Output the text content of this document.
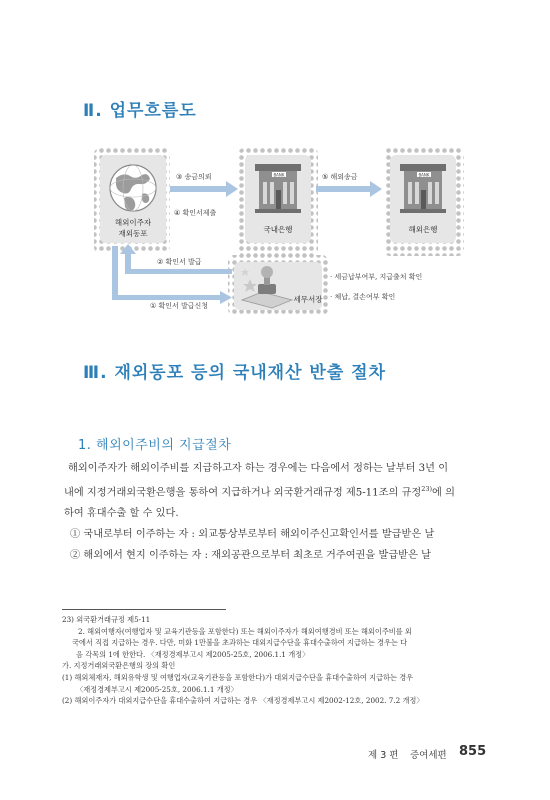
Ⅱ. 업무흐름도
BANK	BANK
③ 송금의뢰
④ 확인서제출
⑤ 해외송금
② 확인서 발급
① 확인서 발급신청
· 세금납부여부, 지급출처 확인
· 체납, 결손여부 확인
해외이주자
재외동포	국내은행	해외은행
세무서장
Ⅲ. 재외동포 등의 국내재산 반출 절차
1. 해외이주비의 지급절차
해외이주자가 해외이주비를 지급하고자 하는 경우에는 다음에서 정하는 날부터 3년 이
내에 지정거래외국환은행을 통하여 지급하거나 외국환거래규정 제5-11조의 규정$^{23)}$에 의
하여 휴대수출 할 수 있다.
① 국내로부터 이주하는 자 : 외교통상부로부터 해외이주신고확인서를 발급받은 날
② 해외에서 현지 이주하는 자 : 재외공관으로부터 최초로 거주여권을 발급받은 날
23) 외국환거래규정 제5-11
2. 해외여행자(여행업자 및 교육기관등을 포함한다) 또는 해외이주자가 해외여행경비 또는 해외이주비를 외
국에서 직접 지급하는 경우. 다만, 미화 1만불을 초과하는 대외지급수단을 휴대수출하여 지급하는 경우는 다
음 각목의 1에 한한다. 〈재정경제부고시 제2005-25호, 2006.1.1 개정〉
가. 지정거래외국환은행의 장의 확인
(1) 해외체재자, 해외유학생 및 여행업자(교육기관등을 포함한다)가 대외지급수단을 휴대수출하여 지급하는 경우
〈재정경제부고시 제2005-25호, 2006.1.1 개정〉
(2) 해외이주자가 대외지급수단을 휴대수출하여 지급하는 경우 〈재정경제부고시 제2002-12호, 2002. 7.2 개정〉
제 3 편 증여세편 855
